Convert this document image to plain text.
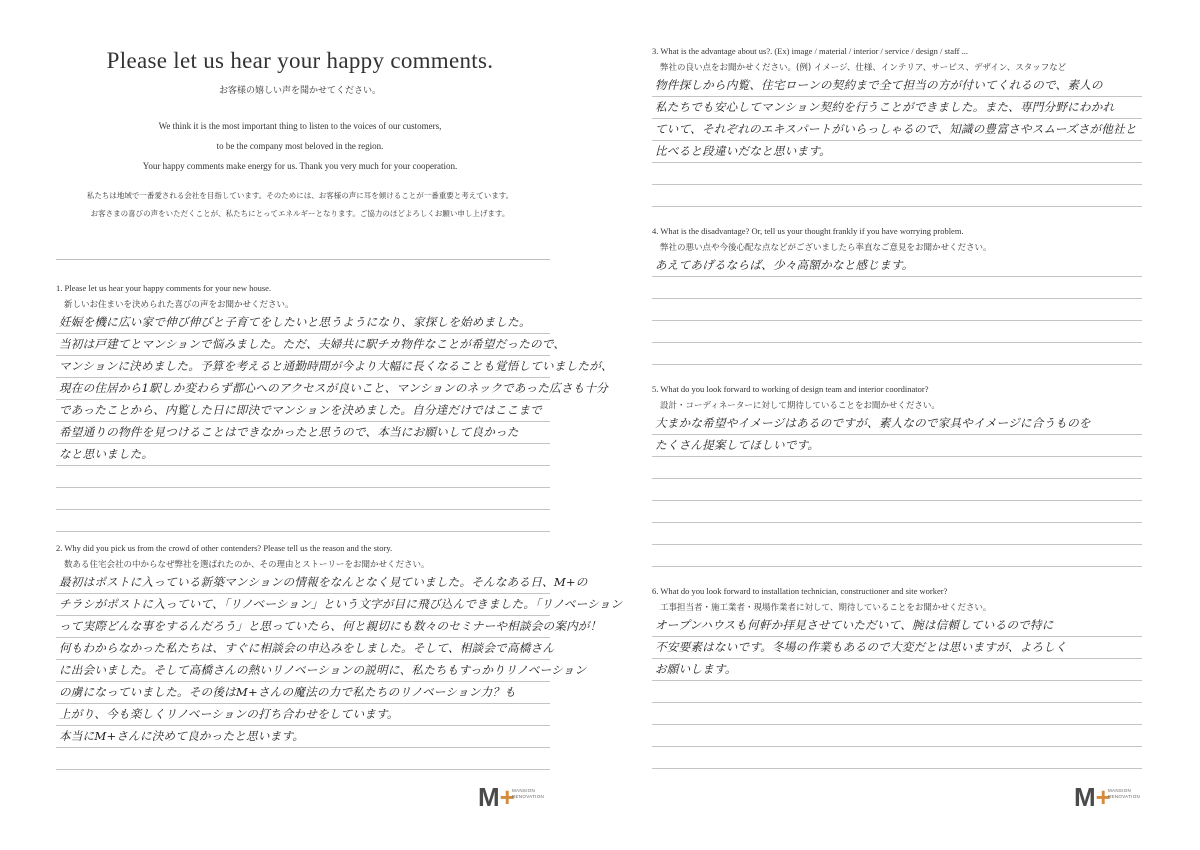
Please let us hear your happy comments.
お客様の嬉しい声を聞かせてください。
We think it is the most important thing to listen to the voices of our customers,
to be the company most beloved in the region.
Your happy comments make energy for us. Thank you very much for your cooperation.
私たちは地域で一番愛される会社を目指しています。そのためには、お客様の声に耳を傾けることが一番重要と考えています。
お客さまの喜びの声をいただくことが、私たちにとってエネルギーとなります。ご協力のほどよろしくお願い申し上げます。
1. Please let us hear your happy comments for your new house.
新しいお住まいを決められた喜びの声をお聞かせください。
妊娠を機に広い家で伸び伸びと子育てをしたいと思うようになり、家探しを始めました。
当初は戸建てとマンションで悩みました。ただ、夫婦共に駅チカ物件なことが希望だったので、
マンションに決めました。予算を考えると通勤時間が今より大幅に長くなることも覚悟していましたが、
現在の住居から1駅しか変わらず都心へのアクセスが良いこと、マンションのネックであった広さも十分
であったことから、内覧した日に即決でマンションを決めました。自分達だけではここまで
希望通りの物件を見つけることはできなかったと思うので、本当にお願いして良かった
なと思いました。
2. Why did you pick us from the crowd of other contenders? Please tell us the reason and the story.
数ある住宅会社の中からなぜ弊社を選ばれたのか、その理由とストーリーをお聞かせください。
最初はポストに入っている新築マンションの情報をなんとなく見ていました。そんなある日、M+の
チラシがポストに入っていて、「リノベーション」という文字が目に飛び込んできました。「リノベーション
って実際どんな事をするんだろう」と思っていたら、何と親切にも数々のセミナーや相談会の案内が！
何もわからなかった私たちは、すぐに相談会の申込みをしました。そして、相談会で高橋さん
に出会いました。そして高橋さんの熱いリノベーションの説明に、私たちもすっかりリノベーション
の虜になっていました。その後はM+さんの魔法の力で私たちのリノベーション力？も
上がり、今も楽しくリノベーションの打ち合わせをしています。
本当にM+さんに決めて良かったと思います。
M+
MANSION
RENOVATION
3. What is the advantage about us?. (Ex) image / material / interior / service / design / staff ...
弊社の良い点をお聞かせください。(例) イメージ、仕様、インテリア、サービス、デザイン、スタッフなど
物件探しから内覧、住宅ローンの契約まで全て担当の方が付いてくれるので、素人の
私たちでも安心してマンション契約を行うことができました。また、専門分野にわかれ
ていて、それぞれのエキスパートがいらっしゃるので、知識の豊富さやスムーズさが他社と
比べると段違いだなと思います。
4. What is the disadvantage? Or, tell us your thought frankly if you have worrying problem.
弊社の悪い点や今後心配な点などがございましたら率直なご意見をお聞かせください。
あえてあげるならば、少々高額かなと感じます。
5. What do you look forward to working of design team and interior coordinator?
設計・コーディネーターに対して期待していることをお聞かせください。
大まかな希望やイメージはあるのですが、素人なので家具やイメージに合うものを
たくさん提案してほしいです。
6. What do you look forward to installation technician, constructioner and site worker?
工事担当者・施工業者・現場作業者に対して、期待していることをお聞かせください。
オープンハウスも何軒か拝見させていただいて、腕は信頼しているので特に
不安要素はないです。冬場の作業もあるので大変だとは思いますが、よろしく
お願いします。
M+
MANSION
RENOVATION
